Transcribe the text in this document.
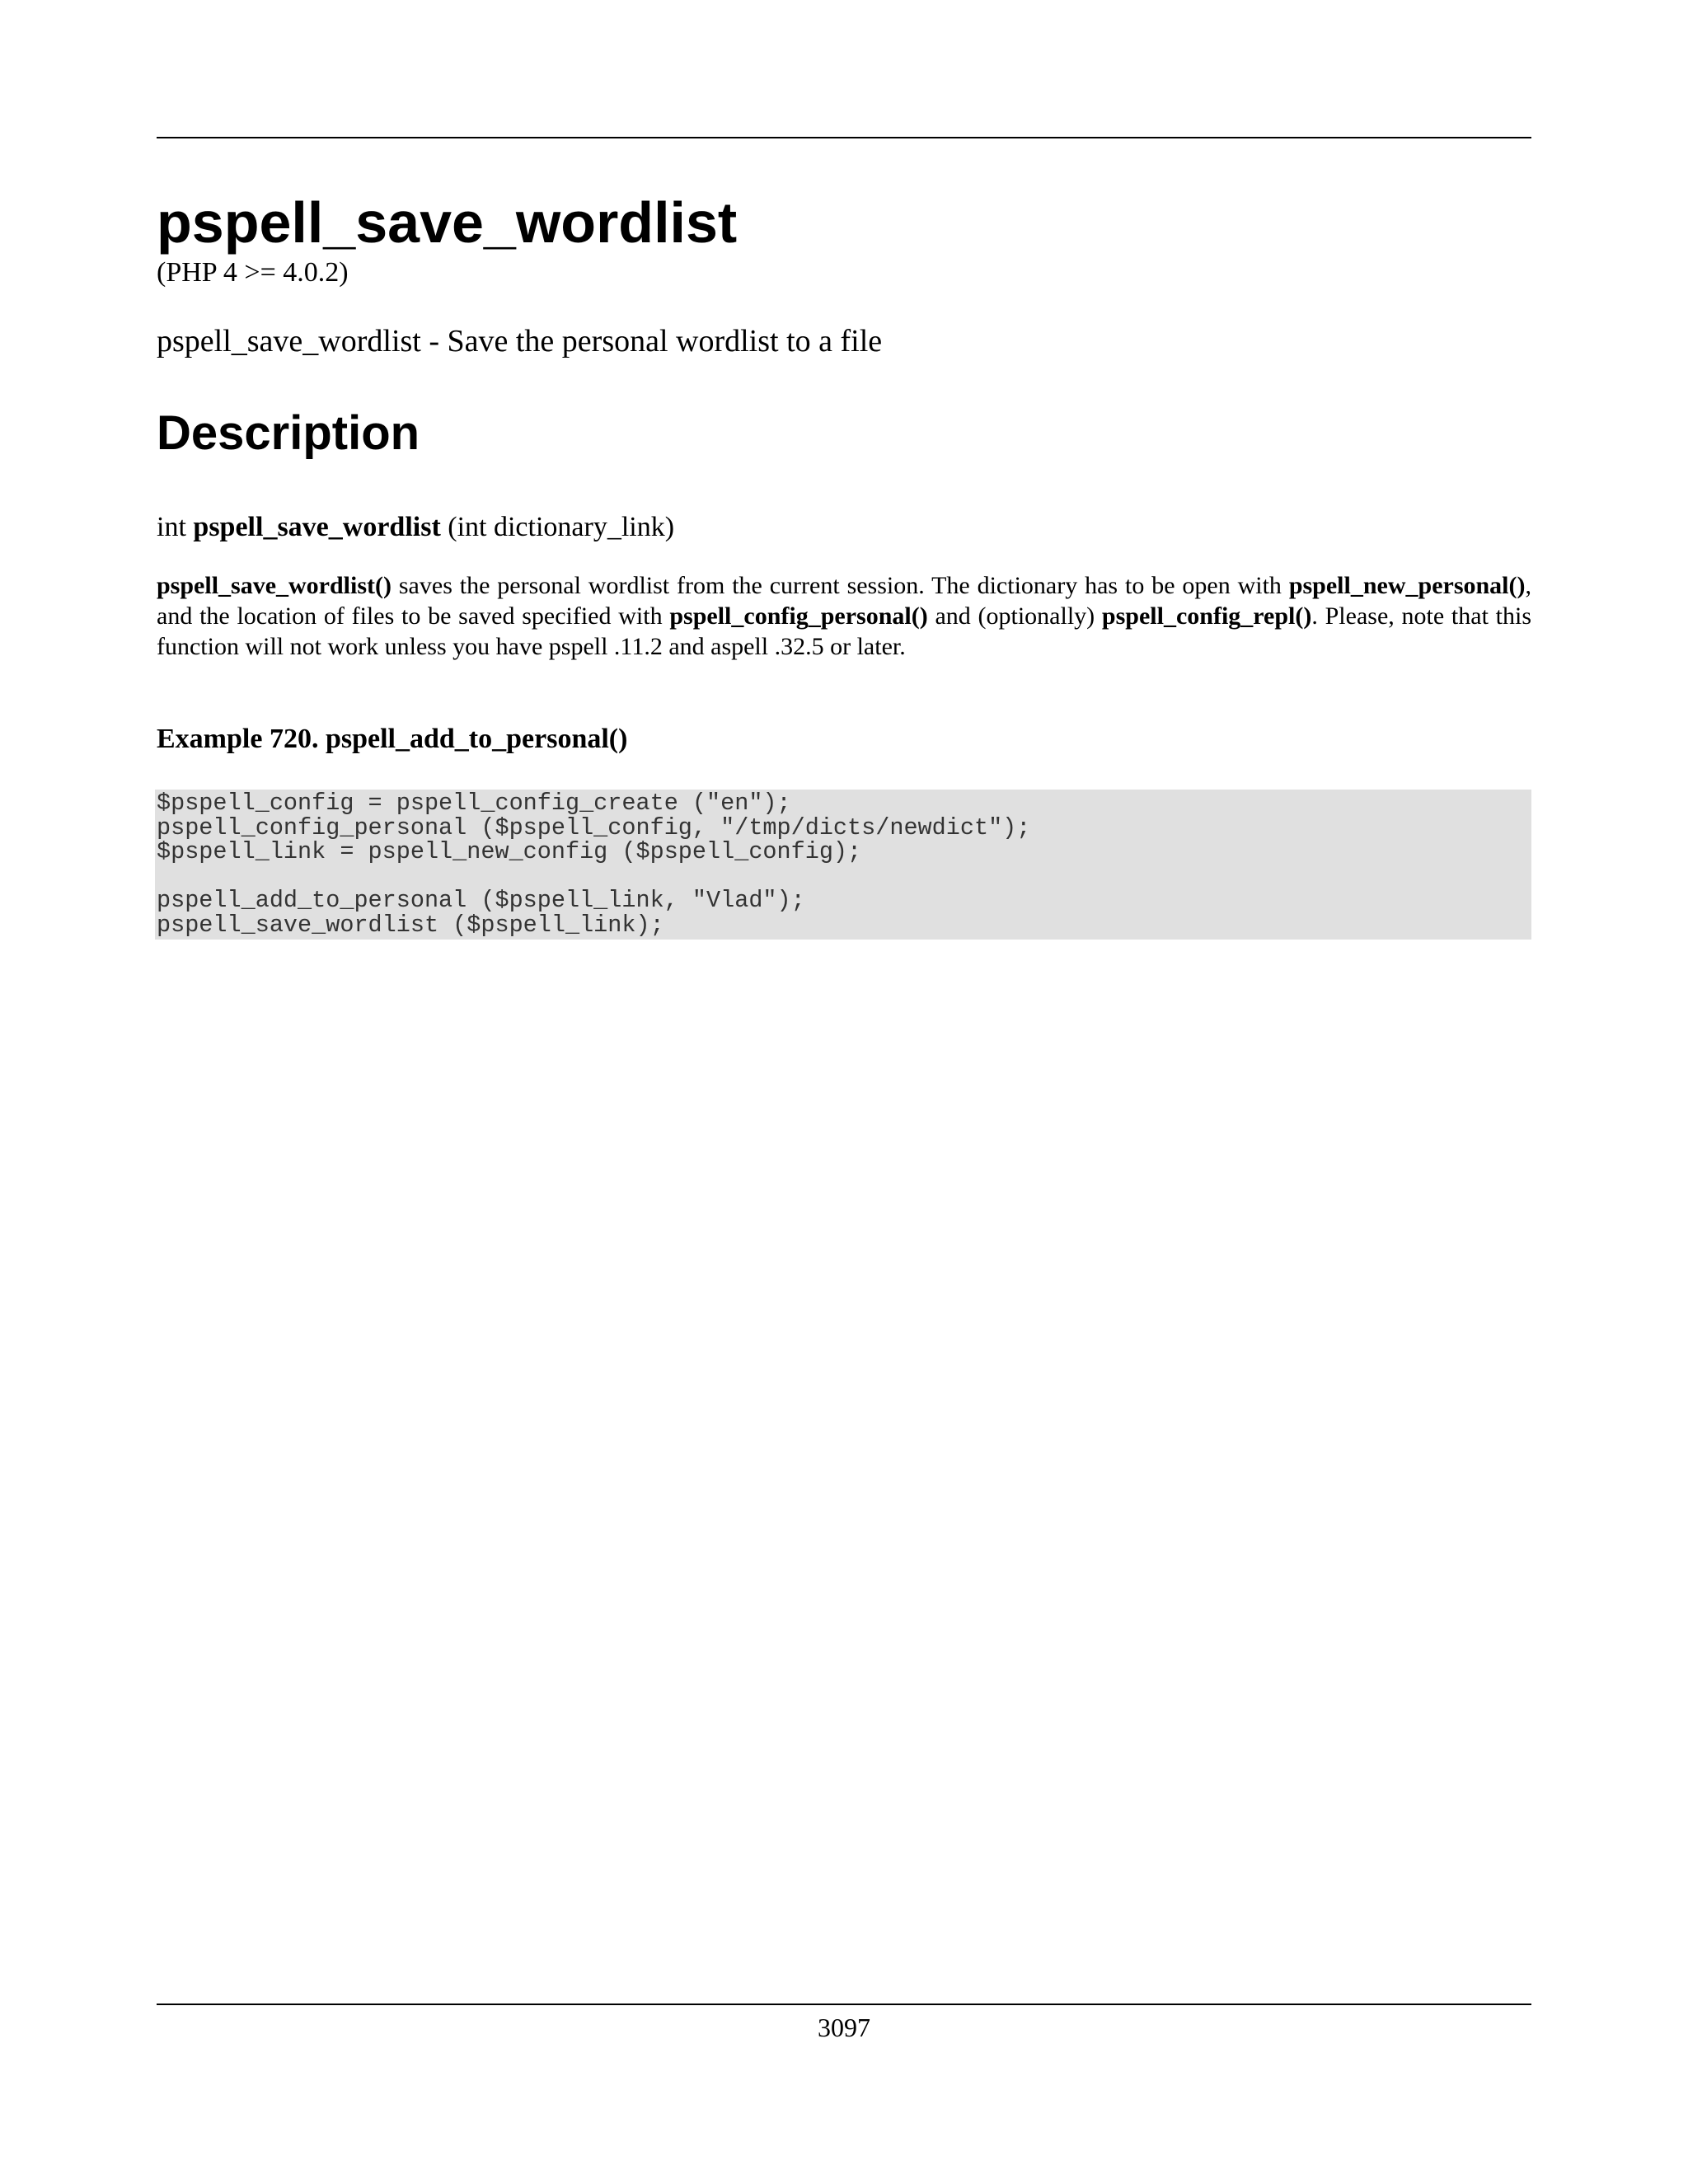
pspell_save_wordlist
(PHP 4 >= 4.0.2)
pspell_save_wordlist - Save the personal wordlist to a file
Description
int pspell_save_wordlist (int dictionary_link)
pspell_save_wordlist() saves the personal wordlist from the current session. The dictionary has to be open with pspell_new_personal(), and the location of files to be saved specified with pspell_config_personal() and (optionally) pspell_config_repl(). Please, note that this function will not work unless you have pspell .11.2 and aspell .32.5 or later.
Example 720. pspell_add_to_personal()
$pspell_config = pspell_config_create ("en");
pspell_config_personal ($pspell_config, "/tmp/dicts/newdict");
$pspell_link = pspell_new_config ($pspell_config);
pspell_add_to_personal ($pspell_link, "Vlad");
pspell_save_wordlist ($pspell_link);
3097
